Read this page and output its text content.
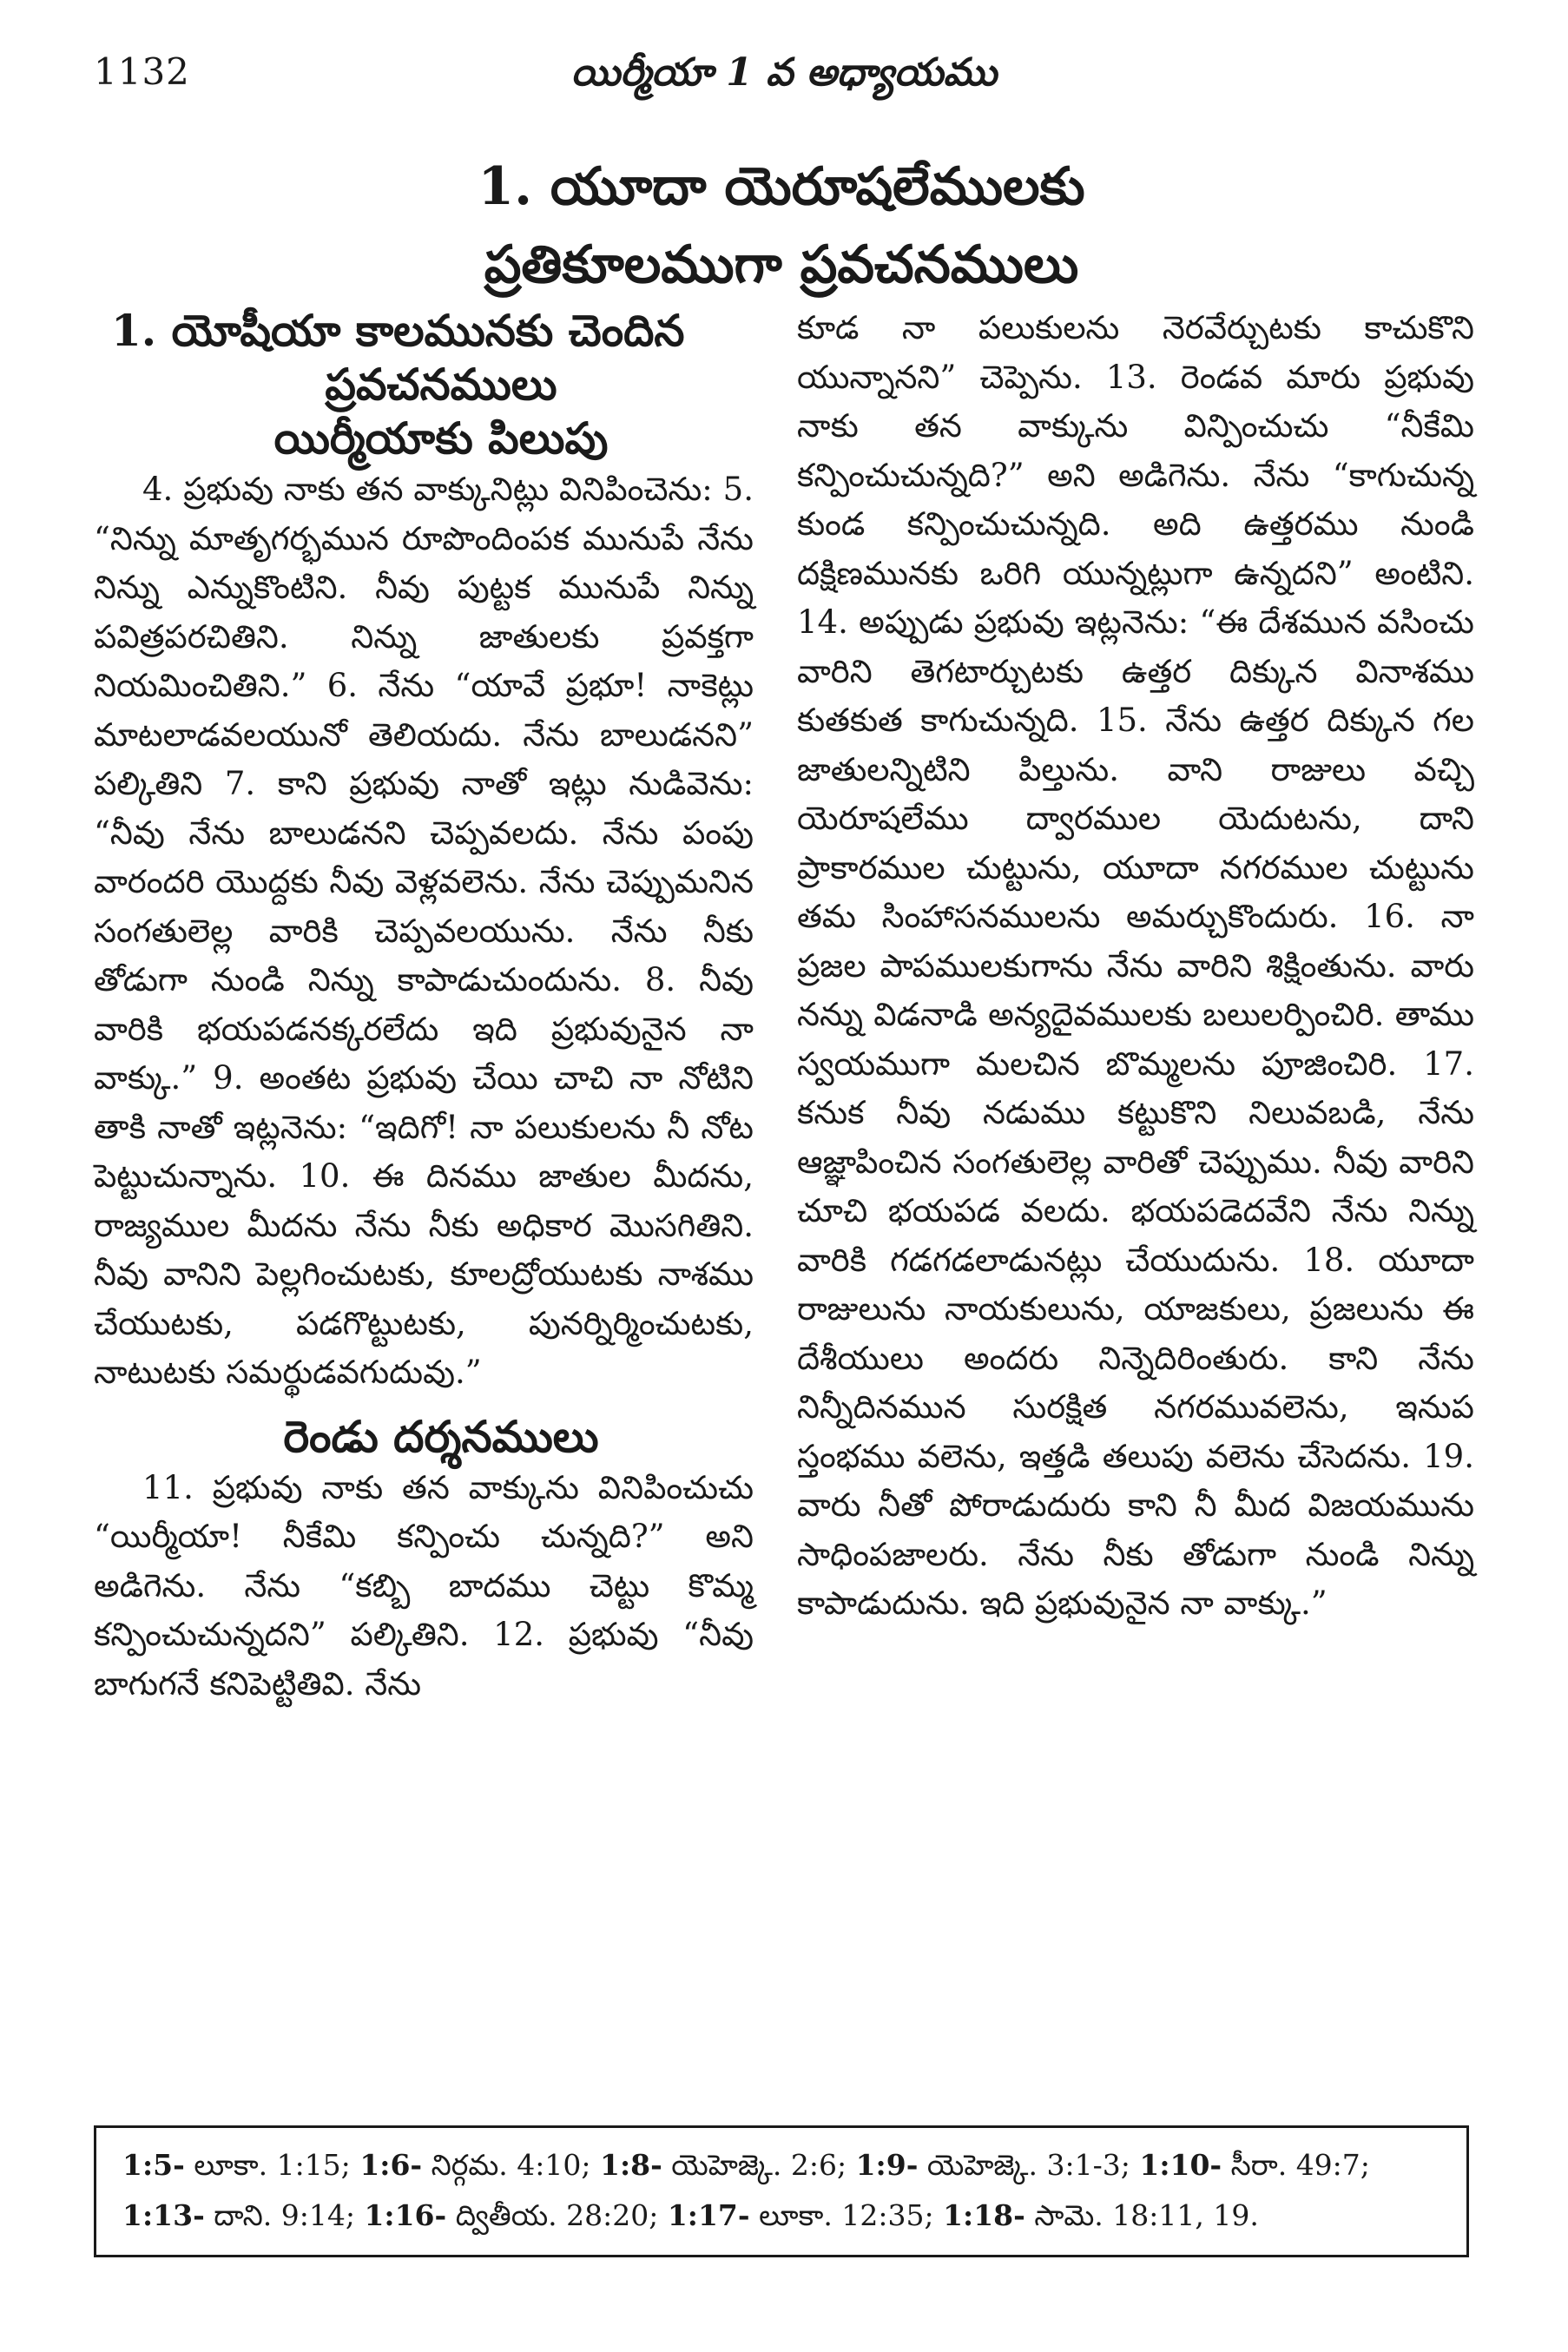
1132	యిర్మీయా 1 వ అధ్యాయము
1. యూదా యెరూషలేములకు
ప్రతికూలముగా ప్రవచనములు

1. యోషీయా కాలమునకు చెందిన

ప్రవచనములు

యిర్మీయాకు పిలుపు

4. ప్రభువు నాకు తన వాక్కునిట్లు వినిపించెను: 5. “నిన్ను మాతృగర్భమున రూపొందింపక మునుపే నేను నిన్ను ఎన్నుకొంటిని. నీవు పుట్టక మునుపే నిన్ను పవిత్రపరచితిని. నిన్ను జాతులకు ప్రవక్తగా నియమించితిని.” 6. నేను “యావే ప్రభూ! నాకెట్లు మాటలాడవలయునో తెలియదు. నేను బాలుడనని” పల్కితిని 7. కాని ప్రభువు నాతో ఇట్లు నుడివెను: “నీవు నేను బాలుడనని చెప్పవలదు. నేను పంపు వారందరి యొద్దకు నీవు వెళ్లవలెను. నేను చెప్పుమనిన సంగతులెల్ల వారికి చెప్పవలయును. నేను నీకు తోడుగా నుండి నిన్ను కాపాడుచుందును. 8. నీవు వారికి భయపడనక్కరలేదు ఇది ప్రభువునైన నా వాక్కు.” 9. అంతట ప్రభువు చేయి చాచి నా నోటిని తాకి నాతో ఇట్లనెను: “ఇదిగో! నా పలుకులను నీ నోట పెట్టుచున్నాను. 10. ఈ దినము జాతుల మీదను, రాజ్యముల మీదను నేను నీకు అధికార మొసగితిని. నీవు వానిని పెల్లగించుటకు, కూలద్రోయుటకు నాశము చేయుటకు, పడగొట్టుటకు, పునర్నిర్మించుటకు, నాటుటకు సమర్థుడవగుదువు.”

రెండు దర్శనములు

11. ప్రభువు నాకు తన వాక్కును వినిపించుచు “యిర్మీయా! నీకేమి కన్పించు చున్నది?” అని అడిగెను. నేను “కబ్బి బాదము చెట్టు కొమ్మ కన్పించుచున్నదని” పల్కితిని. 12. ప్రభువు “నీవు బాగుగనే కనిపెట్టితివి. నేను

కూడ నా పలుకులను నెరవేర్చుటకు కాచుకొని యున్నానని” చెప్పెను. 13. రెండవ మారు ప్రభువు నాకు తన వాక్కును విన్పించుచు “నీకేమి కన్పించుచున్నది?” అని అడిగెను. నేను “కాగుచున్న కుండ కన్పించుచున్నది. అది ఉత్తరము నుండి దక్షిణమునకు ఒరిగి యున్నట్లుగా ఉన్నదని” అంటిని. 14. అప్పుడు ప్రభువు ఇట్లనెను: “ఈ దేశమున వసించు వారిని తెగటార్చుటకు ఉత్తర దిక్కున వినాశము కుతకుత కాగుచున్నది. 15. నేను ఉత్తర దిక్కున గల జాతులన్నిటిని పిల్తును. వాని రాజులు వచ్చి యెరూషలేము ద్వారముల యెదుటను, దాని ప్రాకారముల చుట్టును, యూదా నగరముల చుట్టును తమ సింహాసనములను అమర్చుకొందురు. 16. నా ప్రజల పాపములకుగాను నేను వారిని శిక్షింతును. వారు నన్ను విడనాడి అన్యదైవములకు బలులర్పించిరి. తాము స్వయముగా మలచిన బొమ్మలను పూజించిరి. 17. కనుక నీవు నడుము కట్టుకొని నిలువబడి, నేను ఆజ్ఞాపించిన సంగతులెల్ల వారితో చెప్పుము. నీవు వారిని చూచి భయపడ వలదు. భయపడెదవేని నేను నిన్ను వారికి గడగడలాడునట్లు చేయుదును. 18. యూదా రాజులును నాయకులును, యాజకులు, ప్రజలును ఈ దేశీయులు అందరు నిన్నెదిరింతురు. కాని నేను నిన్నీదినమున సురక్షిత నగరమువలెను, ఇనుప స్తంభము వలెను, ఇత్తడి తలుపు వలెను చేసెదను. 19. వారు నీతో పోరాడుదురు కాని నీ మీద విజయమును సాధింపజాలరు. నేను నీకు తోడుగా నుండి నిన్ను కాపాడుదును. ఇది ప్రభువునైన నా వాక్కు.”

1:5- లూకా. 1:15; 1:6- నిర్గమ. 4:10; 1:8- యెహెజ్కె. 2:6; 1:9- యెహెజ్కె. 3:1-3; 1:10- సీరా. 49:7; 1:13- దాని. 9:14; 1:16- ద్వితీయ. 28:20; 1:17- లూకా. 12:35; 1:18- సామె. 18:11, 19.
